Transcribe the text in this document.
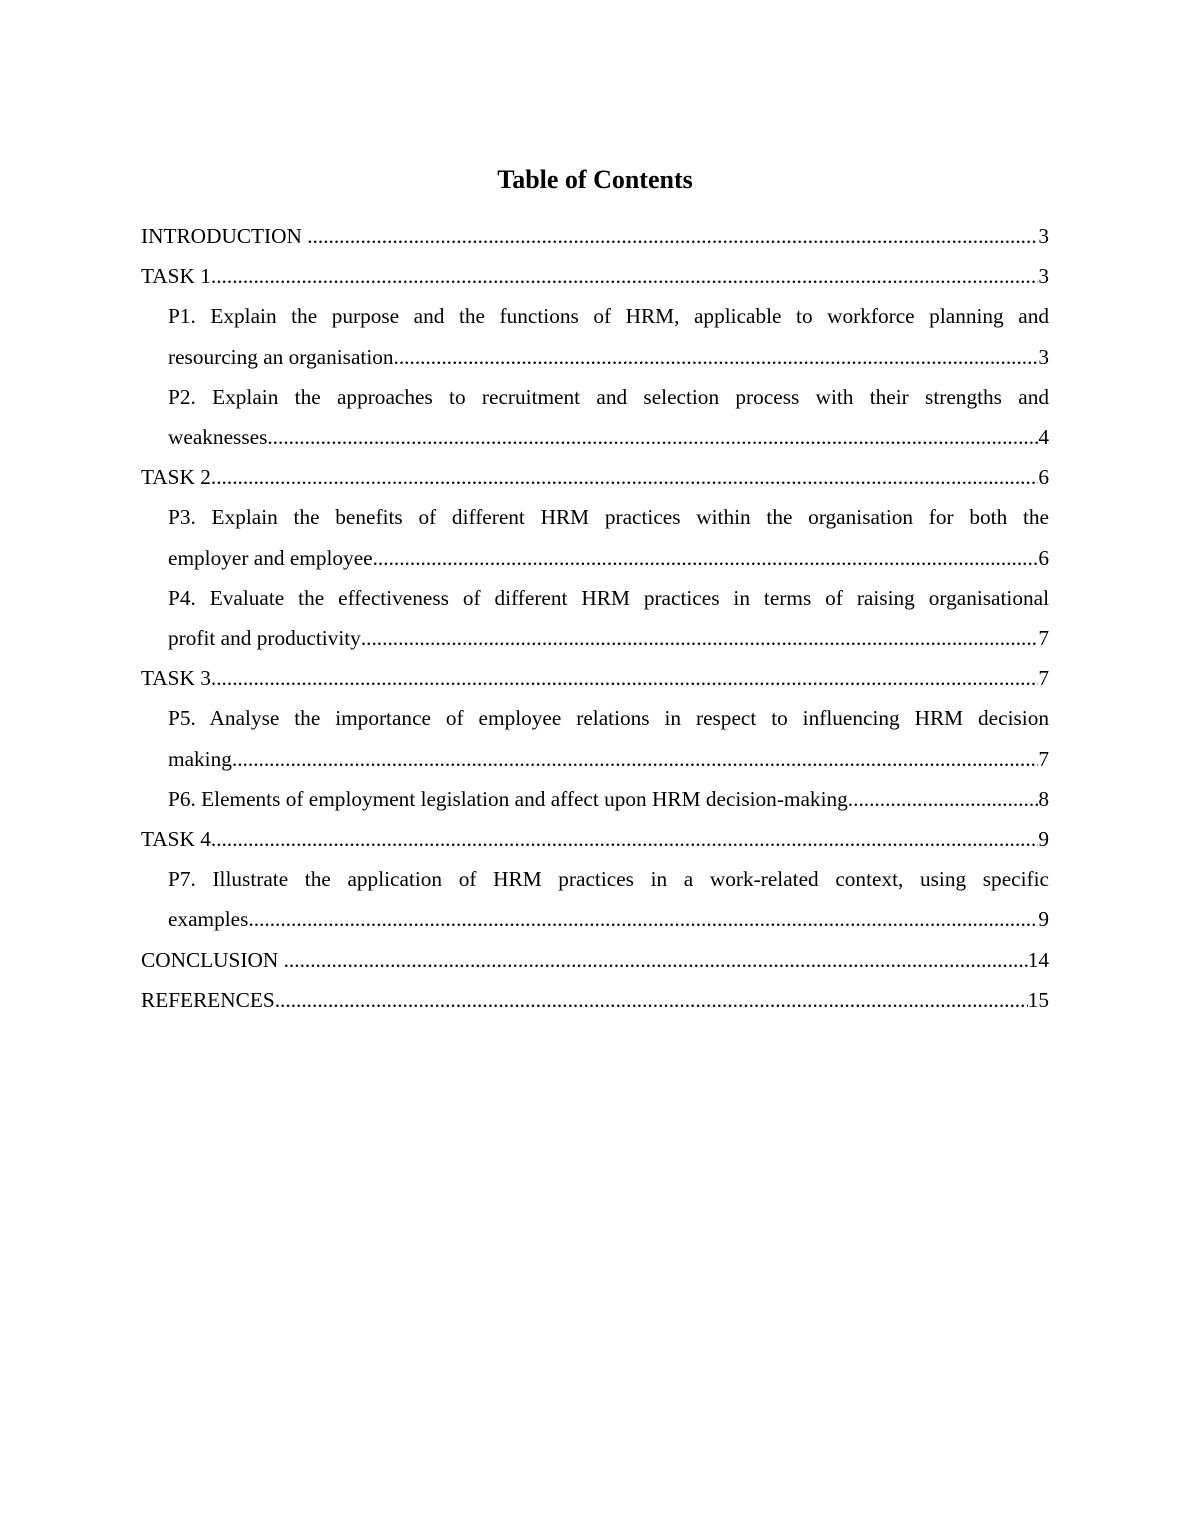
Table of Contents
INTRODUCTION .....	3
TASK 1 .....	3
P1. Explain the purpose and the functions of HRM, applicable to workforce planning and
resourcing an organisation .....	3
P2. Explain the approaches to recruitment and selection process with their strengths and
weaknesses .....	4
TASK 2 .....	6
P3. Explain the benefits of different HRM practices within the organisation for both the
employer and employee .....	6
P4. Evaluate the effectiveness of different HRM practices in terms of raising organisational
profit and productivity .....	7
TASK 3 .....	7
P5. Analyse the importance of employee relations in respect to influencing HRM decision
making .....	7
P6. Elements of employment legislation and affect upon HRM decision-making .....	8
TASK 4 .....	9
P7. Illustrate the application of HRM practices in a work-related context, using specific
examples .....	9
CONCLUSION .....	14
REFERENCES .....	15
